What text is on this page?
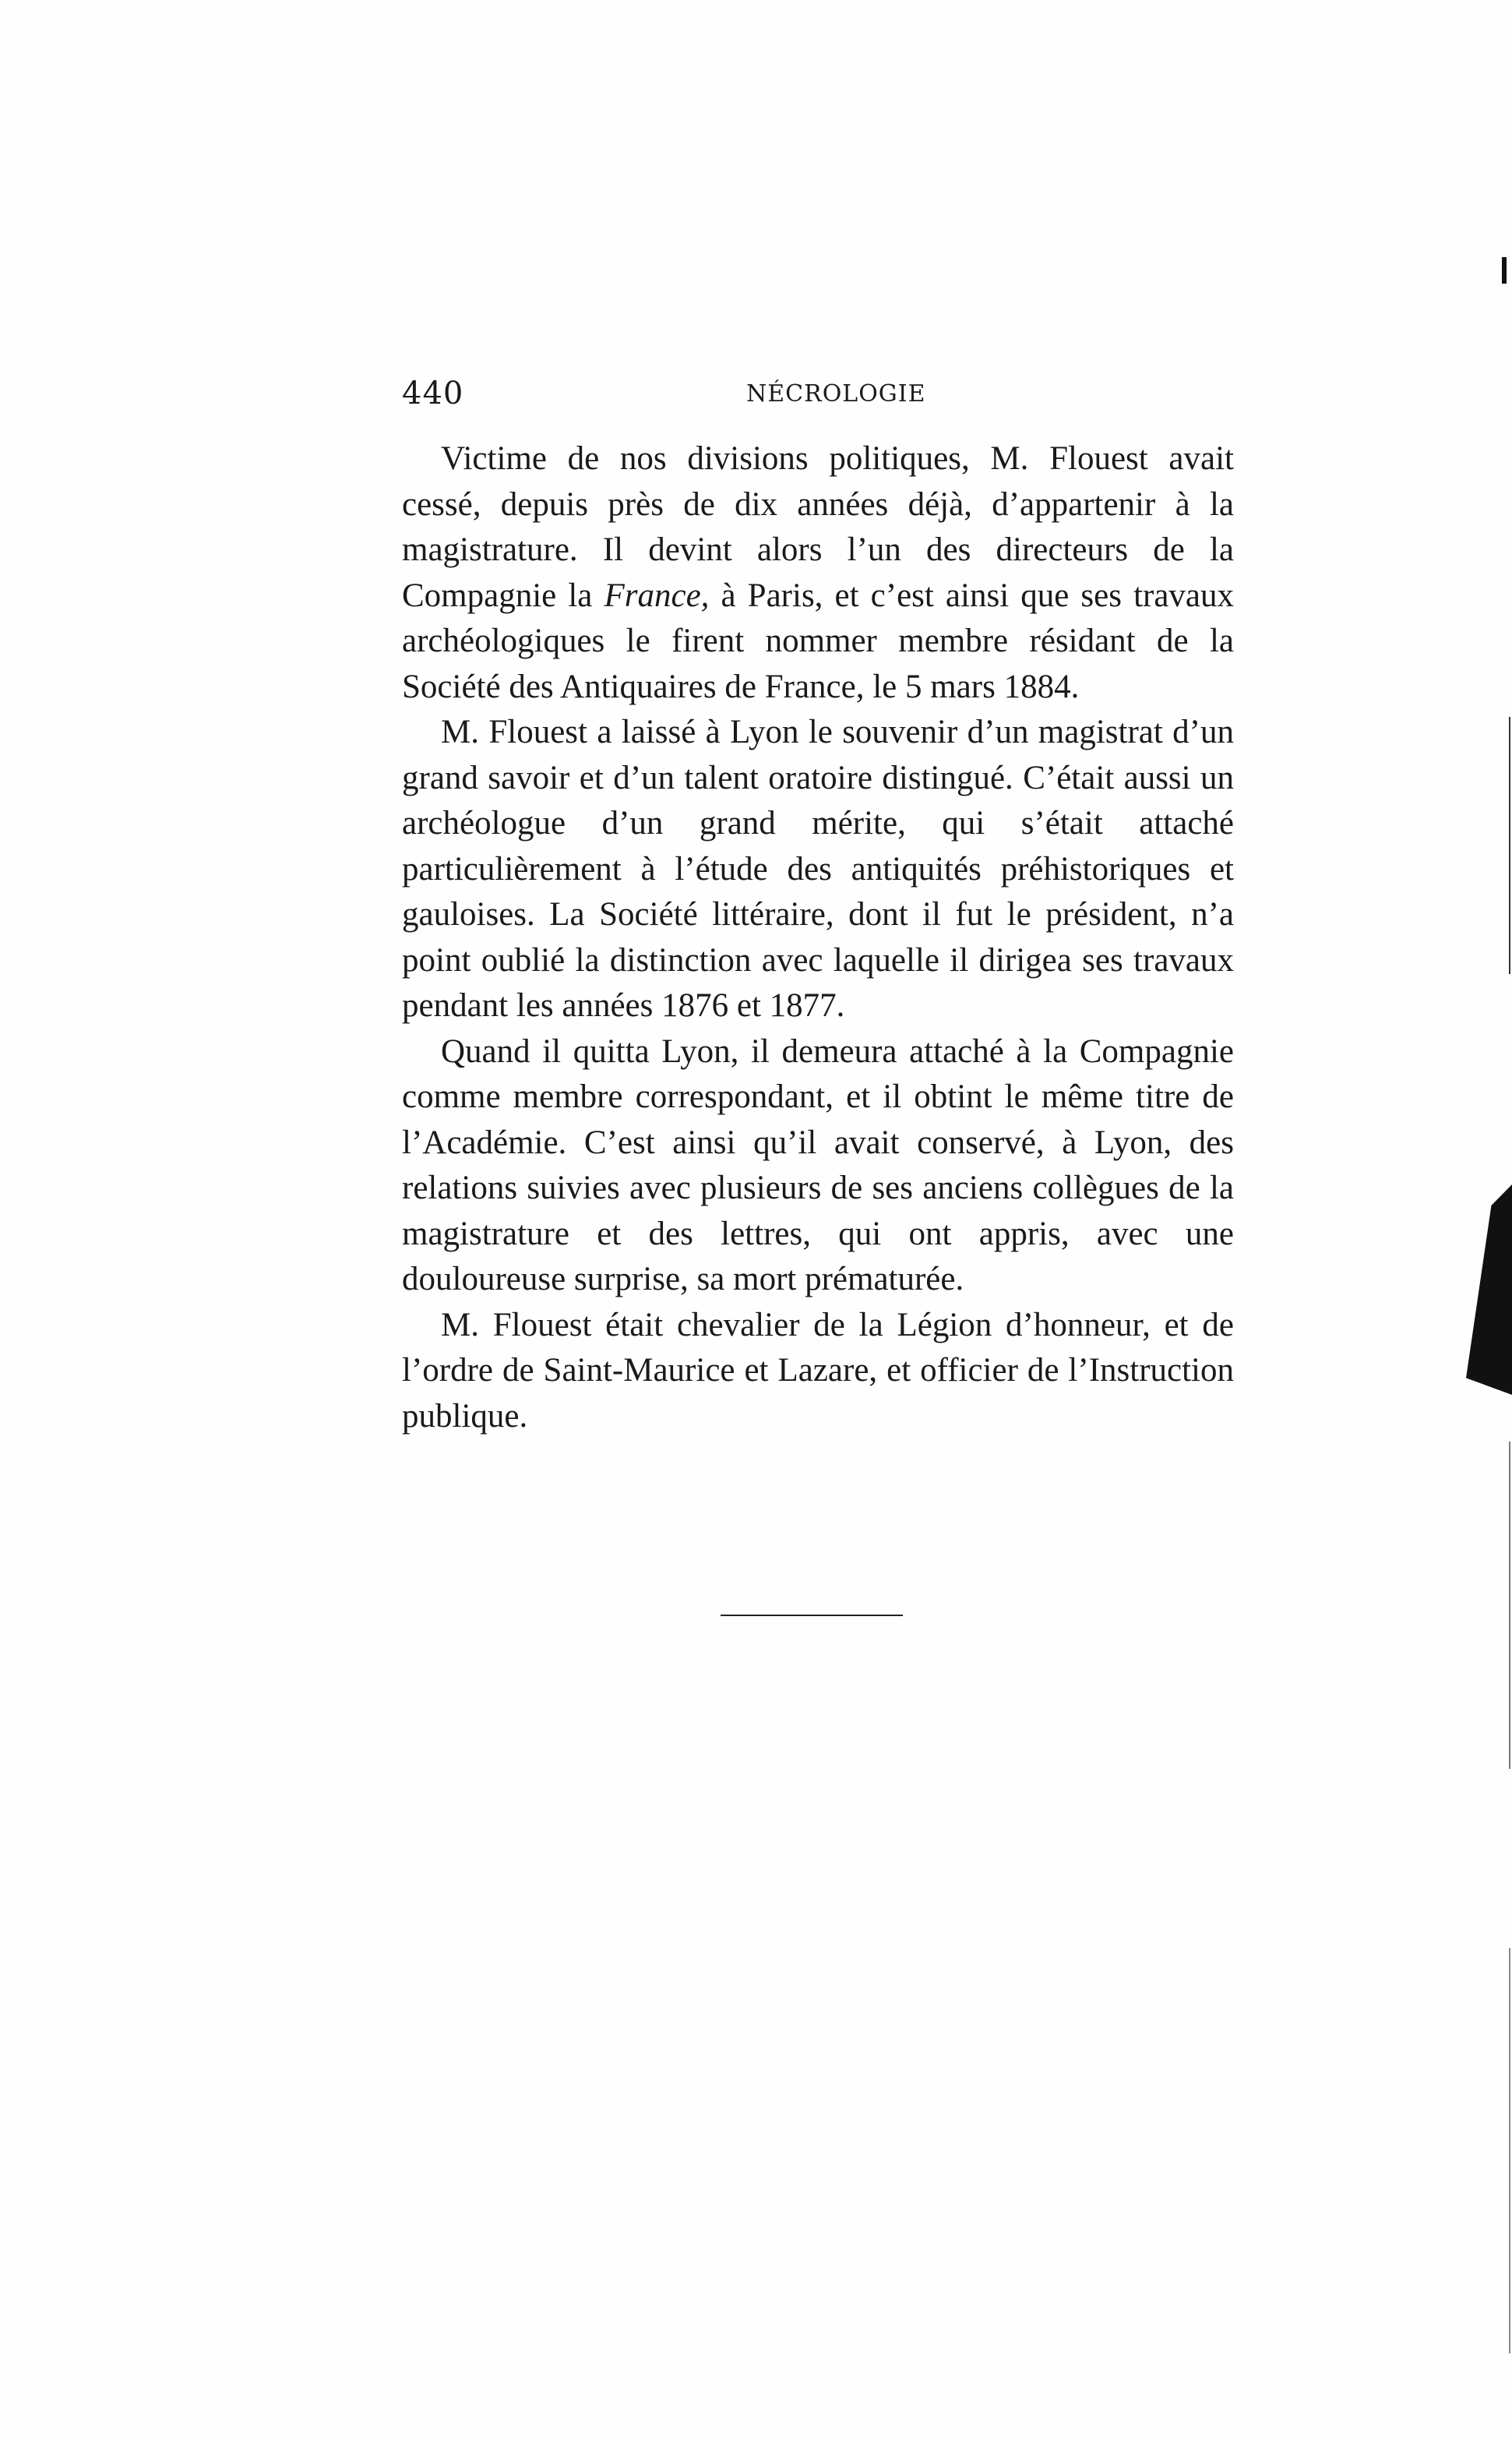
440	NÉCROLOGIE

Victime de nos divisions politiques, M. Flouest avait cessé, depuis près de dix années déjà, d’appartenir à la magistrature. Il devint alors l’un des directeurs de la Compagnie la France, à Paris, et c’est ainsi que ses travaux archéologiques le firent nommer membre résidant de la Société des Antiquaires de France, le 5 mars 1884.

M. Flouest a laissé à Lyon le souvenir d’un magistrat d’un grand savoir et d’un talent oratoire distingué. C’était aussi un archéologue d’un grand mérite, qui s’était attaché particulièrement à l’étude des antiquités préhistoriques et gauloises. La Société littéraire, dont il fut le président, n’a point oublié la distinction avec laquelle il dirigea ses travaux pendant les années 1876 et 1877.

Quand il quitta Lyon, il demeura attaché à la Compagnie comme membre correspondant, et il obtint le même titre de l’Académie. C’est ainsi qu’il avait conservé, à Lyon, des relations suivies avec plusieurs de ses anciens collègues de la magistrature et des lettres, qui ont appris, avec une douloureuse surprise, sa mort prématurée.

M. Flouest était chevalier de la Légion d’honneur, et de l’ordre de Saint-Maurice et Lazare, et officier de l’Instruction publique.
